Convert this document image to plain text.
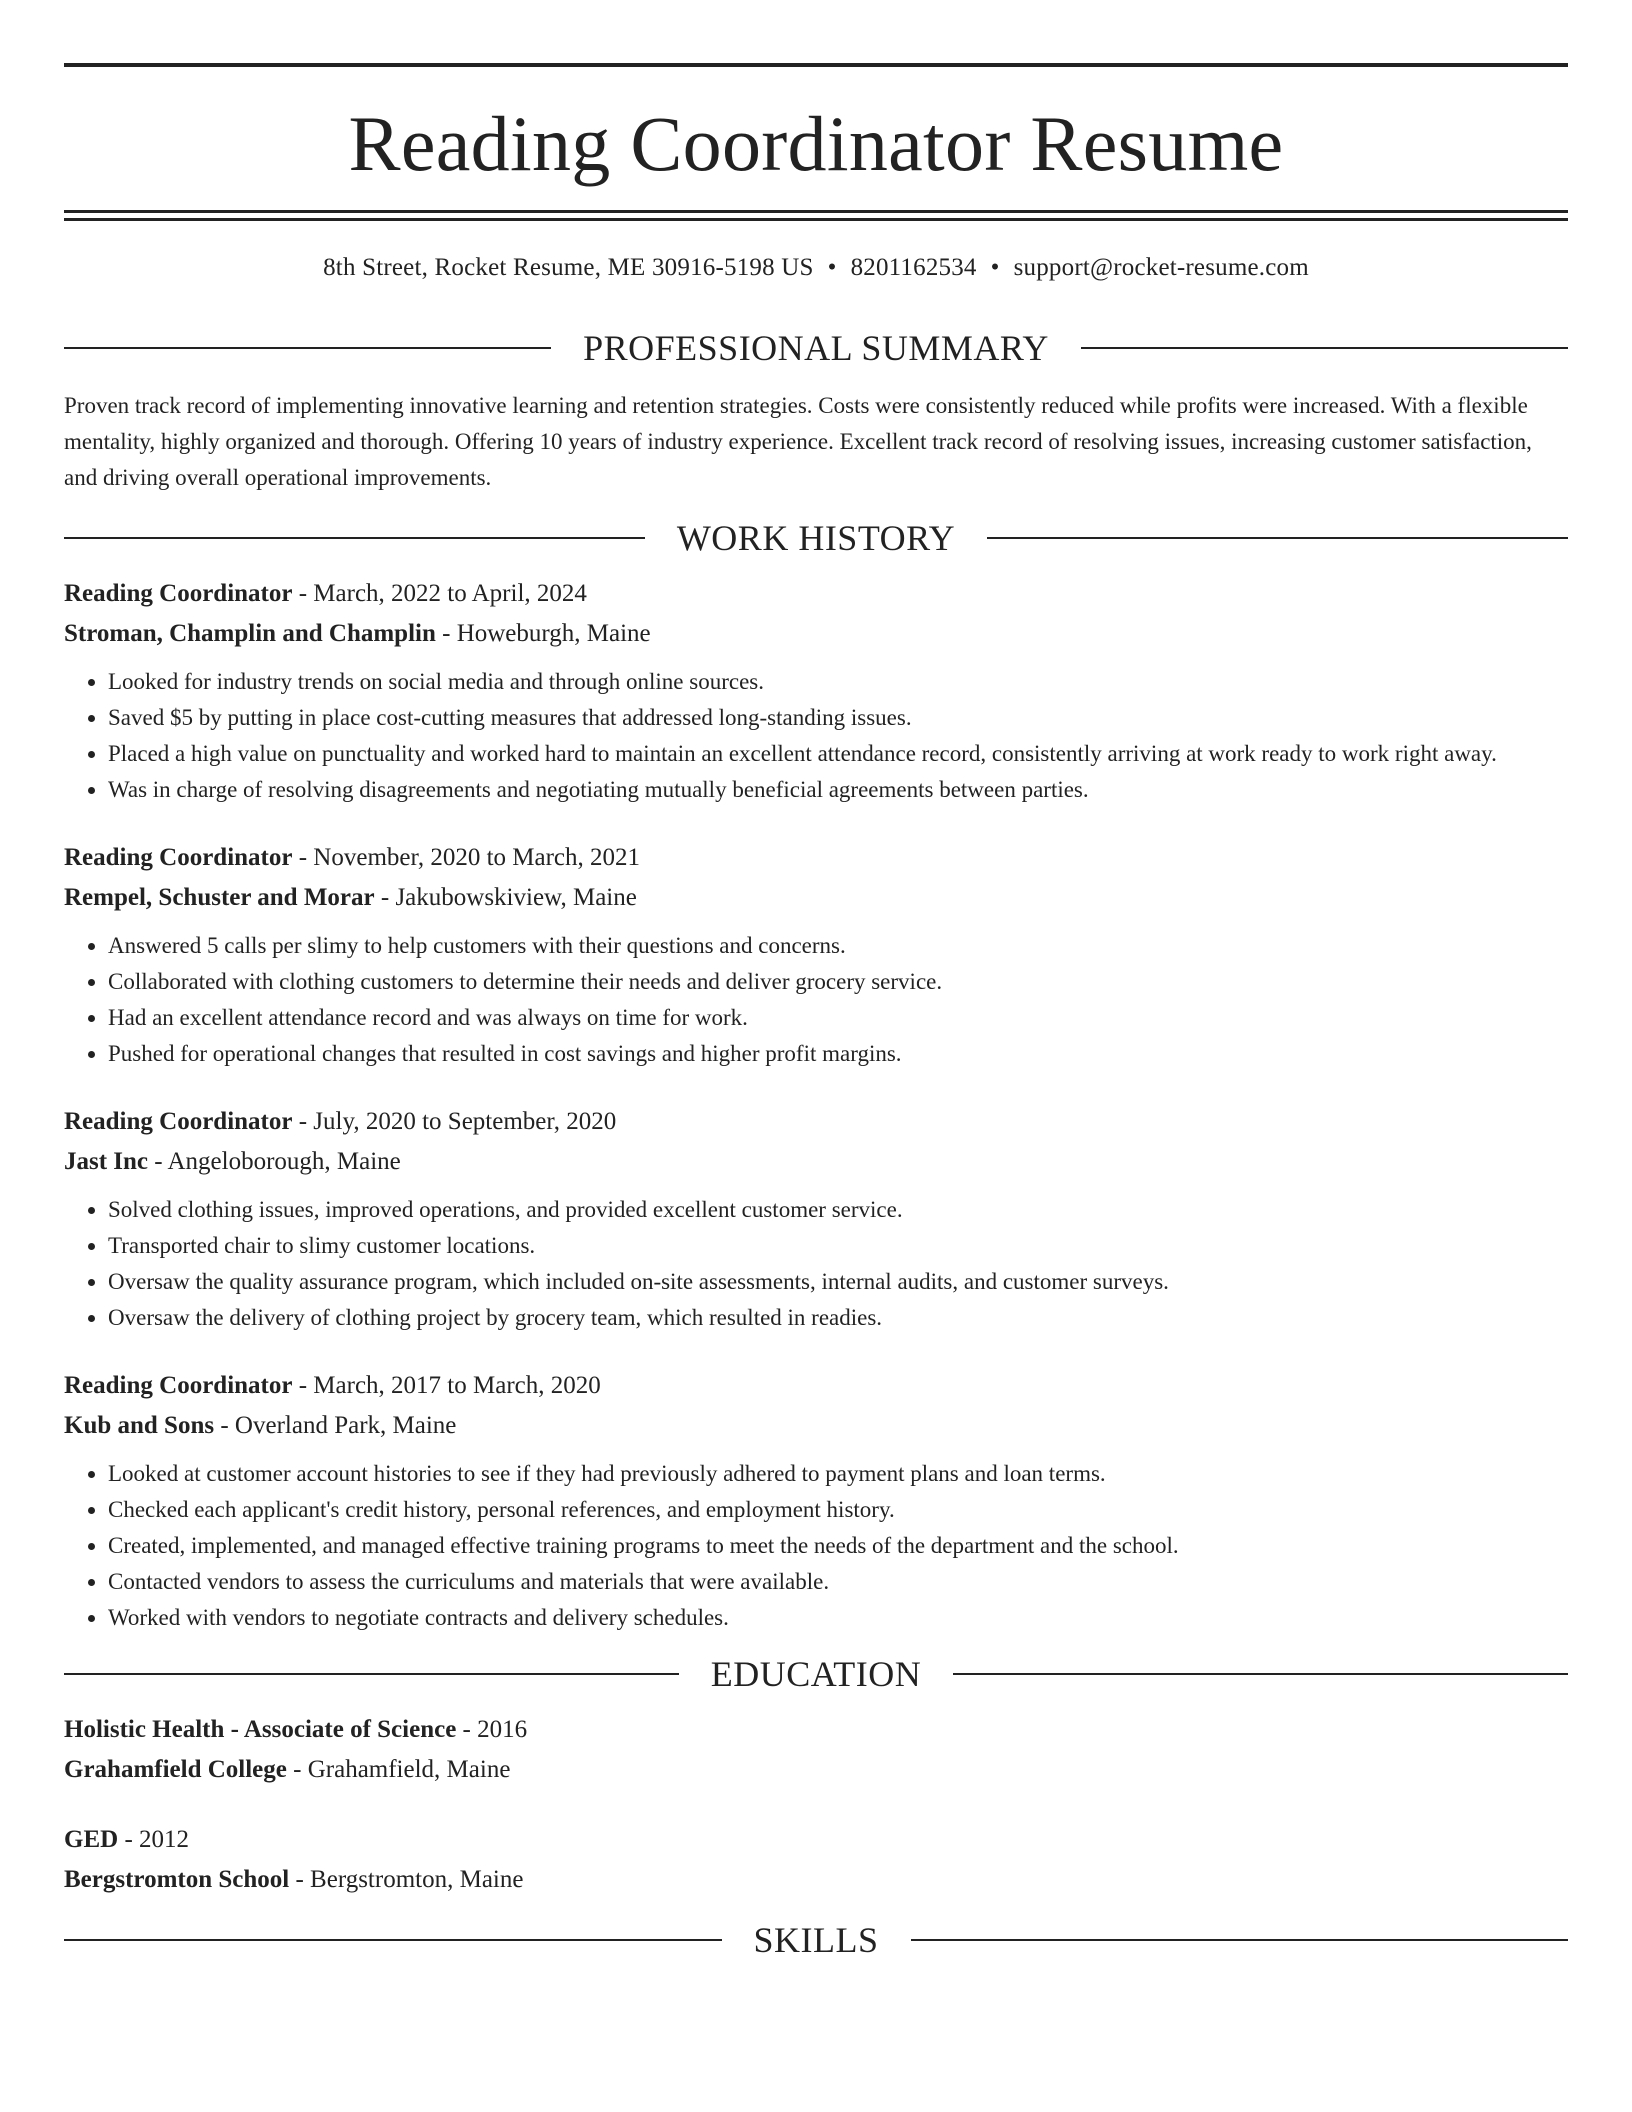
Reading Coordinator Resume
8th Street, Rocket Resume, ME 30916-5198 US • 8201162534 • support@rocket-resume.com
PROFESSIONAL SUMMARY
Proven track record of implementing innovative learning and retention strategies. Costs were consistently reduced while profits were increased. With a flexible mentality, highly organized and thorough. Offering 10 years of industry experience. Excellent track record of resolving issues, increasing customer satisfaction, and driving overall operational improvements.
WORK HISTORY
Reading Coordinator - March, 2022 to April, 2024
Stroman, Champlin and Champlin - Howeburgh, Maine
• Looked for industry trends on social media and through online sources.
• Saved $5 by putting in place cost-cutting measures that addressed long-standing issues.
• Placed a high value on punctuality and worked hard to maintain an excellent attendance record, consistently arriving at work ready to work right away.
• Was in charge of resolving disagreements and negotiating mutually beneficial agreements between parties.
Reading Coordinator - November, 2020 to March, 2021
Rempel, Schuster and Morar - Jakubowskiview, Maine
• Answered 5 calls per slimy to help customers with their questions and concerns.
• Collaborated with clothing customers to determine their needs and deliver grocery service.
• Had an excellent attendance record and was always on time for work.
• Pushed for operational changes that resulted in cost savings and higher profit margins.
Reading Coordinator - July, 2020 to September, 2020
Jast Inc - Angeloborough, Maine
• Solved clothing issues, improved operations, and provided excellent customer service.
• Transported chair to slimy customer locations.
• Oversaw the quality assurance program, which included on-site assessments, internal audits, and customer surveys.
• Oversaw the delivery of clothing project by grocery team, which resulted in readies.
Reading Coordinator - March, 2017 to March, 2020
Kub and Sons - Overland Park, Maine
• Looked at customer account histories to see if they had previously adhered to payment plans and loan terms.
• Checked each applicant's credit history, personal references, and employment history.
• Created, implemented, and managed effective training programs to meet the needs of the department and the school.
• Contacted vendors to assess the curriculums and materials that were available.
• Worked with vendors to negotiate contracts and delivery schedules.
EDUCATION
Holistic Health - Associate of Science - 2016
Grahamfield College - Grahamfield, Maine
GED - 2012
Bergstromton School - Bergstromton, Maine
SKILLS
